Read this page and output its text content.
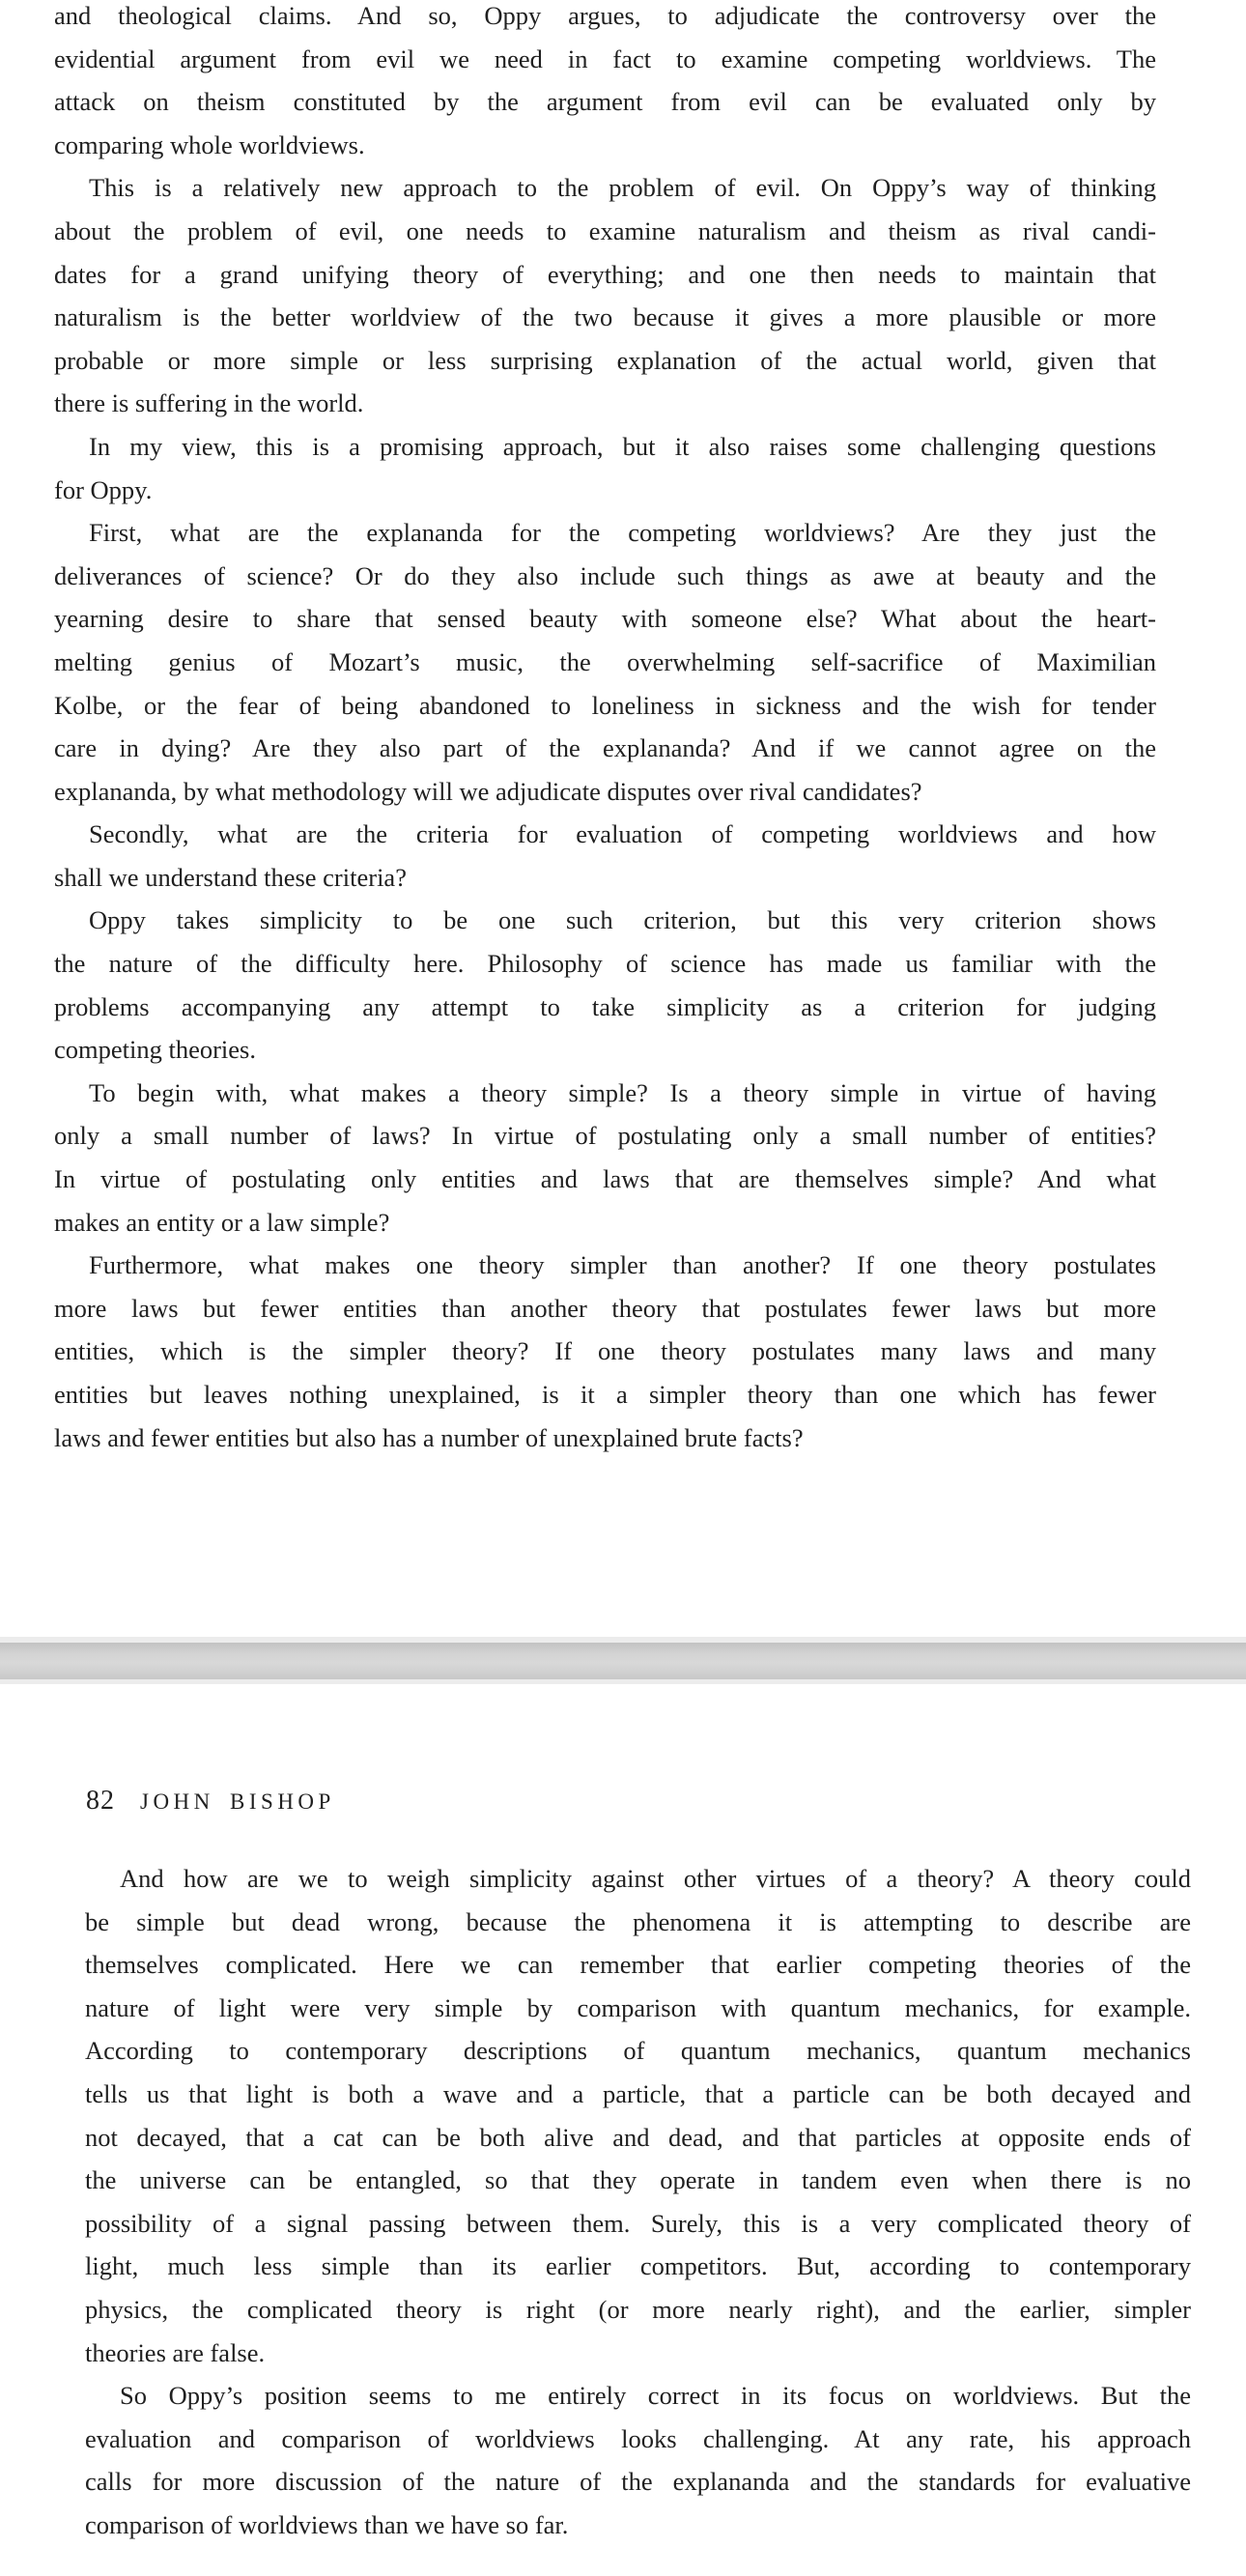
and theological claims. And so, Oppy argues, to adjudicate the controversy over the
evidential argument from evil we need in fact to examine competing worldviews. The
attack on theism constituted by the argument from evil can be evaluated only by
comparing whole worldviews.
This is a relatively new approach to the problem of evil. On Oppy’s way of thinking
about the problem of evil, one needs to examine naturalism and theism as rival candi-
dates for a grand unifying theory of everything; and one then needs to maintain that
naturalism is the better worldview of the two because it gives a more plausible or more
probable or more simple or less surprising explanation of the actual world, given that
there is suffering in the world.
In my view, this is a promising approach, but it also raises some challenging questions
for Oppy.
First, what are the explananda for the competing worldviews? Are they just the
deliverances of science? Or do they also include such things as awe at beauty and the
yearning desire to share that sensed beauty with someone else? What about the heart-
melting genius of Mozart’s music, the overwhelming self-sacrifice of Maximilian
Kolbe, or the fear of being abandoned to loneliness in sickness and the wish for tender
care in dying? Are they also part of the explananda? And if we cannot agree on the
explananda, by what methodology will we adjudicate disputes over rival candidates?
Secondly, what are the criteria for evaluation of competing worldviews and how
shall we understand these criteria?
Oppy takes simplicity to be one such criterion, but this very criterion shows
the nature of the difficulty here. Philosophy of science has made us familiar with the
problems accompanying any attempt to take simplicity as a criterion for judging
competing theories.
To begin with, what makes a theory simple? Is a theory simple in virtue of having
only a small number of laws? In virtue of postulating only a small number of entities?
In virtue of postulating only entities and laws that are themselves simple? And what
makes an entity or a law simple?
Furthermore, what makes one theory simpler than another? If one theory postulates
more laws but fewer entities than another theory that postulates fewer laws but more
entities, which is the simpler theory? If one theory postulates many laws and many
entities but leaves nothing unexplained, is it a simpler theory than one which has fewer
laws and fewer entities but also has a number of unexplained brute facts?
82 JOHN BISHOP
And how are we to weigh simplicity against other virtues of a theory? A theory could
be simple but dead wrong, because the phenomena it is attempting to describe are
themselves complicated. Here we can remember that earlier competing theories of the
nature of light were very simple by comparison with quantum mechanics, for example.
According to contemporary descriptions of quantum mechanics, quantum mechanics
tells us that light is both a wave and a particle, that a particle can be both decayed and
not decayed, that a cat can be both alive and dead, and that particles at opposite ends of
the universe can be entangled, so that they operate in tandem even when there is no
possibility of a signal passing between them. Surely, this is a very complicated theory of
light, much less simple than its earlier competitors. But, according to contemporary
physics, the complicated theory is right (or more nearly right), and the earlier, simpler
theories are false.
So Oppy’s position seems to me entirely correct in its focus on worldviews. But the
evaluation and comparison of worldviews looks challenging. At any rate, his approach
calls for more discussion of the nature of the explananda and the standards for evaluative
comparison of worldviews than we have so far.
